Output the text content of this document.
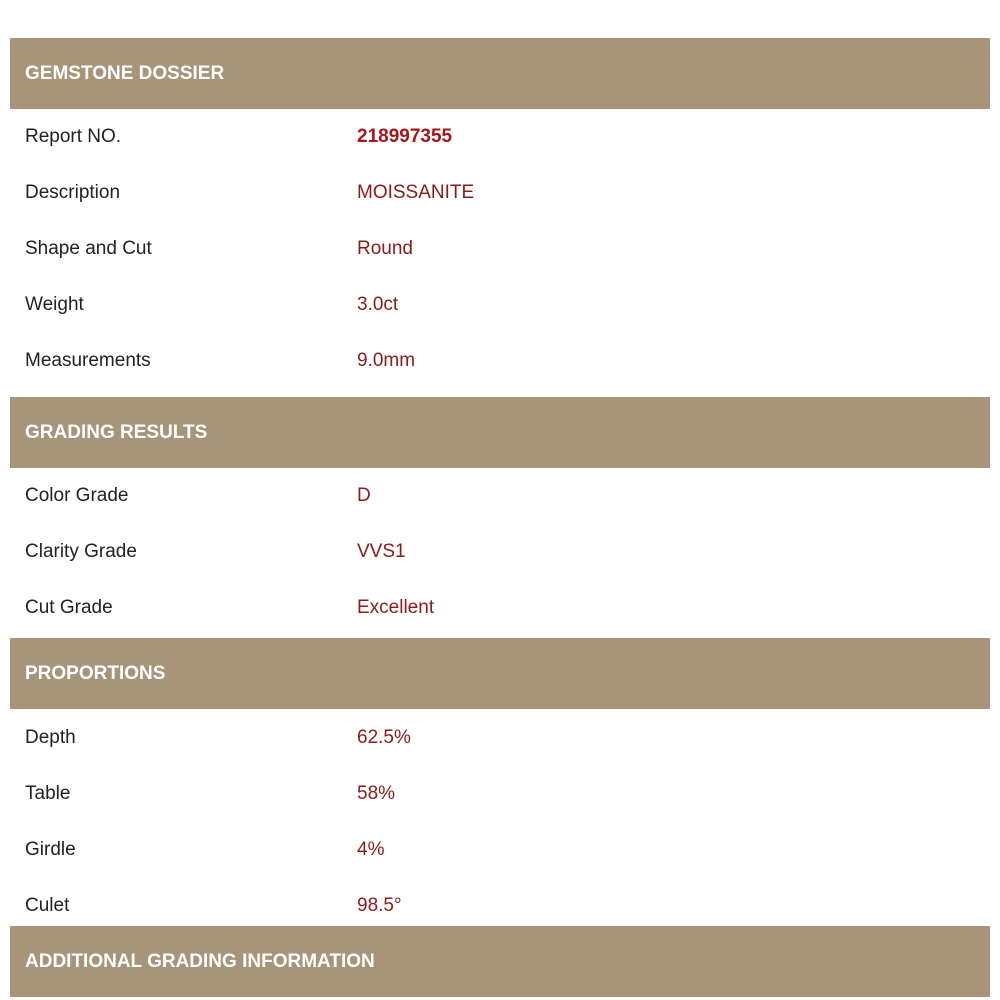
GEMSTONE DOSSIER
Report NO.	218997355
Description	MOISSANITE
Shape and Cut	Round
Weight	3.0ct
Measurements	9.0mm
GRADING RESULTS
Color Grade	D
Clarity Grade	VVS1
Cut Grade	Excellent
PROPORTIONS
Depth	62.5%
Table	58%
Girdle	4%
Culet	98.5°
ADDITIONAL GRADING INFORMATION
